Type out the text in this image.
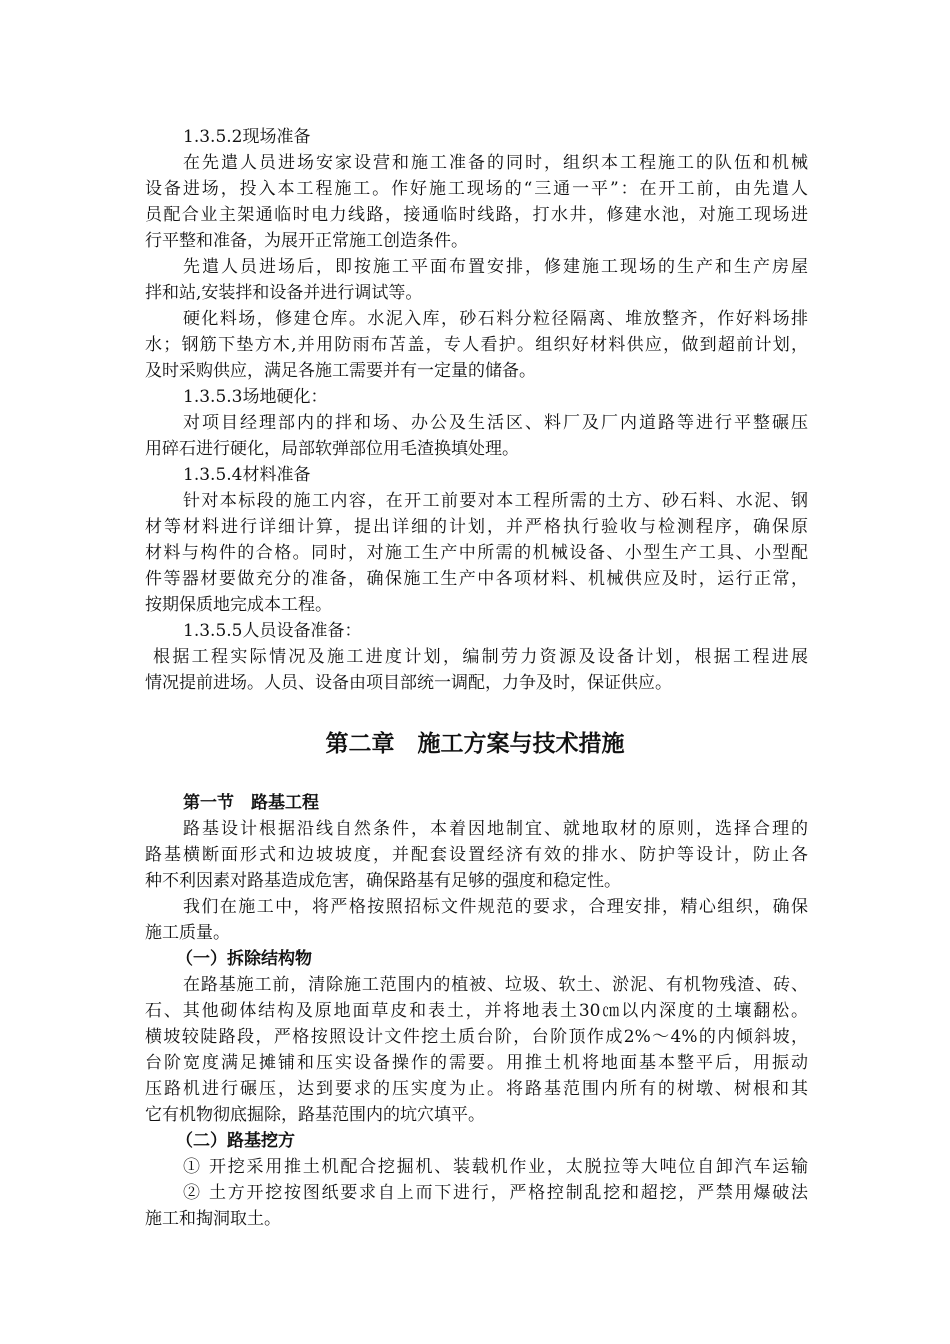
1.3.5.2现场准备
在先遣人员进场安家设营和施工准备的同时，组织本工程施工的队伍和机械
设备进场，投入本工程施工。作好施工现场的“三通一平”：在开工前，由先遣人
员配合业主架通临时电力线路，接通临时线路，打水井，修建水池，对施工现场进
行平整和准备，为展开正常施工创造条件。
先遣人员进场后，即按施工平面布置安排，修建施工现场的生产和生产房屋
拌和站,安装拌和设备并进行调试等。
硬化料场，修建仓库。水泥入库，砂石料分粒径隔离、堆放整齐，作好料场排
水；钢筋下垫方木,并用防雨布苫盖，专人看护。组织好材料供应，做到超前计划，
及时采购供应，满足各施工需要并有一定量的储备。
1.3.5.3场地硬化：
对项目经理部内的拌和场、办公及生活区、料厂及厂内道路等进行平整碾压
用碎石进行硬化，局部软弹部位用毛渣换填处理。
1.3.5.4材料准备
针对本标段的施工内容，在开工前要对本工程所需的土方、砂石料、水泥、钢
材等材料进行详细计算，提出详细的计划，并严格执行验收与检测程序，确保原
材料与构件的合格。同时，对施工生产中所需的机械设备、小型生产工具、小型配
件等器材要做充分的准备，确保施工生产中各项材料、机械供应及时，运行正常，
按期保质地完成本工程。
1.3.5.5人员设备准备：
根据工程实际情况及施工进度计划，编制劳力资源及设备计划，根据工程进展
情况提前进场。人员、设备由项目部统一调配，力争及时，保证供应。
第二章　施工方案与技术措施
第一节　路基工程
路基设计根据沿线自然条件，本着因地制宜、就地取材的原则，选择合理的
路基横断面形式和边坡坡度，并配套设置经济有效的排水、防护等设计，防止各
种不利因素对路基造成危害，确保路基有足够的强度和稳定性。
我们在施工中，将严格按照招标文件规范的要求，合理安排，精心组织，确保
施工质量。
（一）拆除结构物
在路基施工前，清除施工范围内的植被、垃圾、软土、淤泥、有机物残渣、砖、
石、其他砌体结构及原地面草皮和表土，并将地表土30㎝以内深度的土壤翻松。
横坡较陡路段，严格按照设计文件挖土质台阶，台阶顶作成2%～4%的内倾斜坡，
台阶宽度满足摊铺和压实设备操作的需要。用推土机将地面基本整平后，用振动
压路机进行碾压，达到要求的压实度为止。将路基范围内所有的树墩、树根和其
它有机物彻底掘除，路基范围内的坑穴填平。
（二）路基挖方
① 开挖采用推土机配合挖掘机、装载机作业，太脱拉等大吨位自卸汽车运输
② 土方开挖按图纸要求自上而下进行，严格控制乱挖和超挖，严禁用爆破法
施工和掏洞取土。
